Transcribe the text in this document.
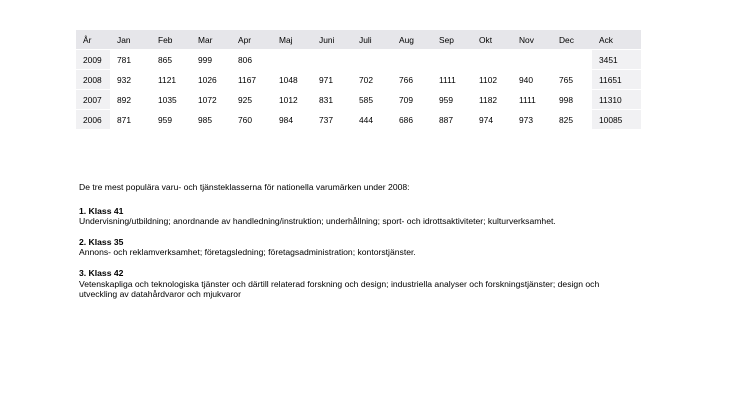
År	Jan	Feb	Mar	Apr	Maj	Juni	Juli	Aug	Sep	Okt	Nov	Dec	Ack
2009	781	865	999	806									3451
2008	932	1121	1026	1167	1048	971	702	766	1111	1102	940	765	11651
2007	892	1035	1072	925	1012	831	585	709	959	1182	1111	998	11310
2006	871	959	985	760	984	737	444	686	887	974	973	825	10085

De tre mest populära varu- och tjänsteklasserna för nationella varumärken under 2008:

1. Klass 41

Undervisning/utbildning; anordnande av handledning/instruktion; underhållning; sport- och idrottsaktiviteter; kulturverksamhet.

2. Klass 35

Annons- och reklamverksamhet; företagsledning; företagsadministration; kontorstjänster.

3. Klass 42

Vetenskapliga och teknologiska tjänster och därtill relaterad forskning och design; industriella analyser och forskningstjänster; design och utveckling av datahårdvaror och mjukvaror
